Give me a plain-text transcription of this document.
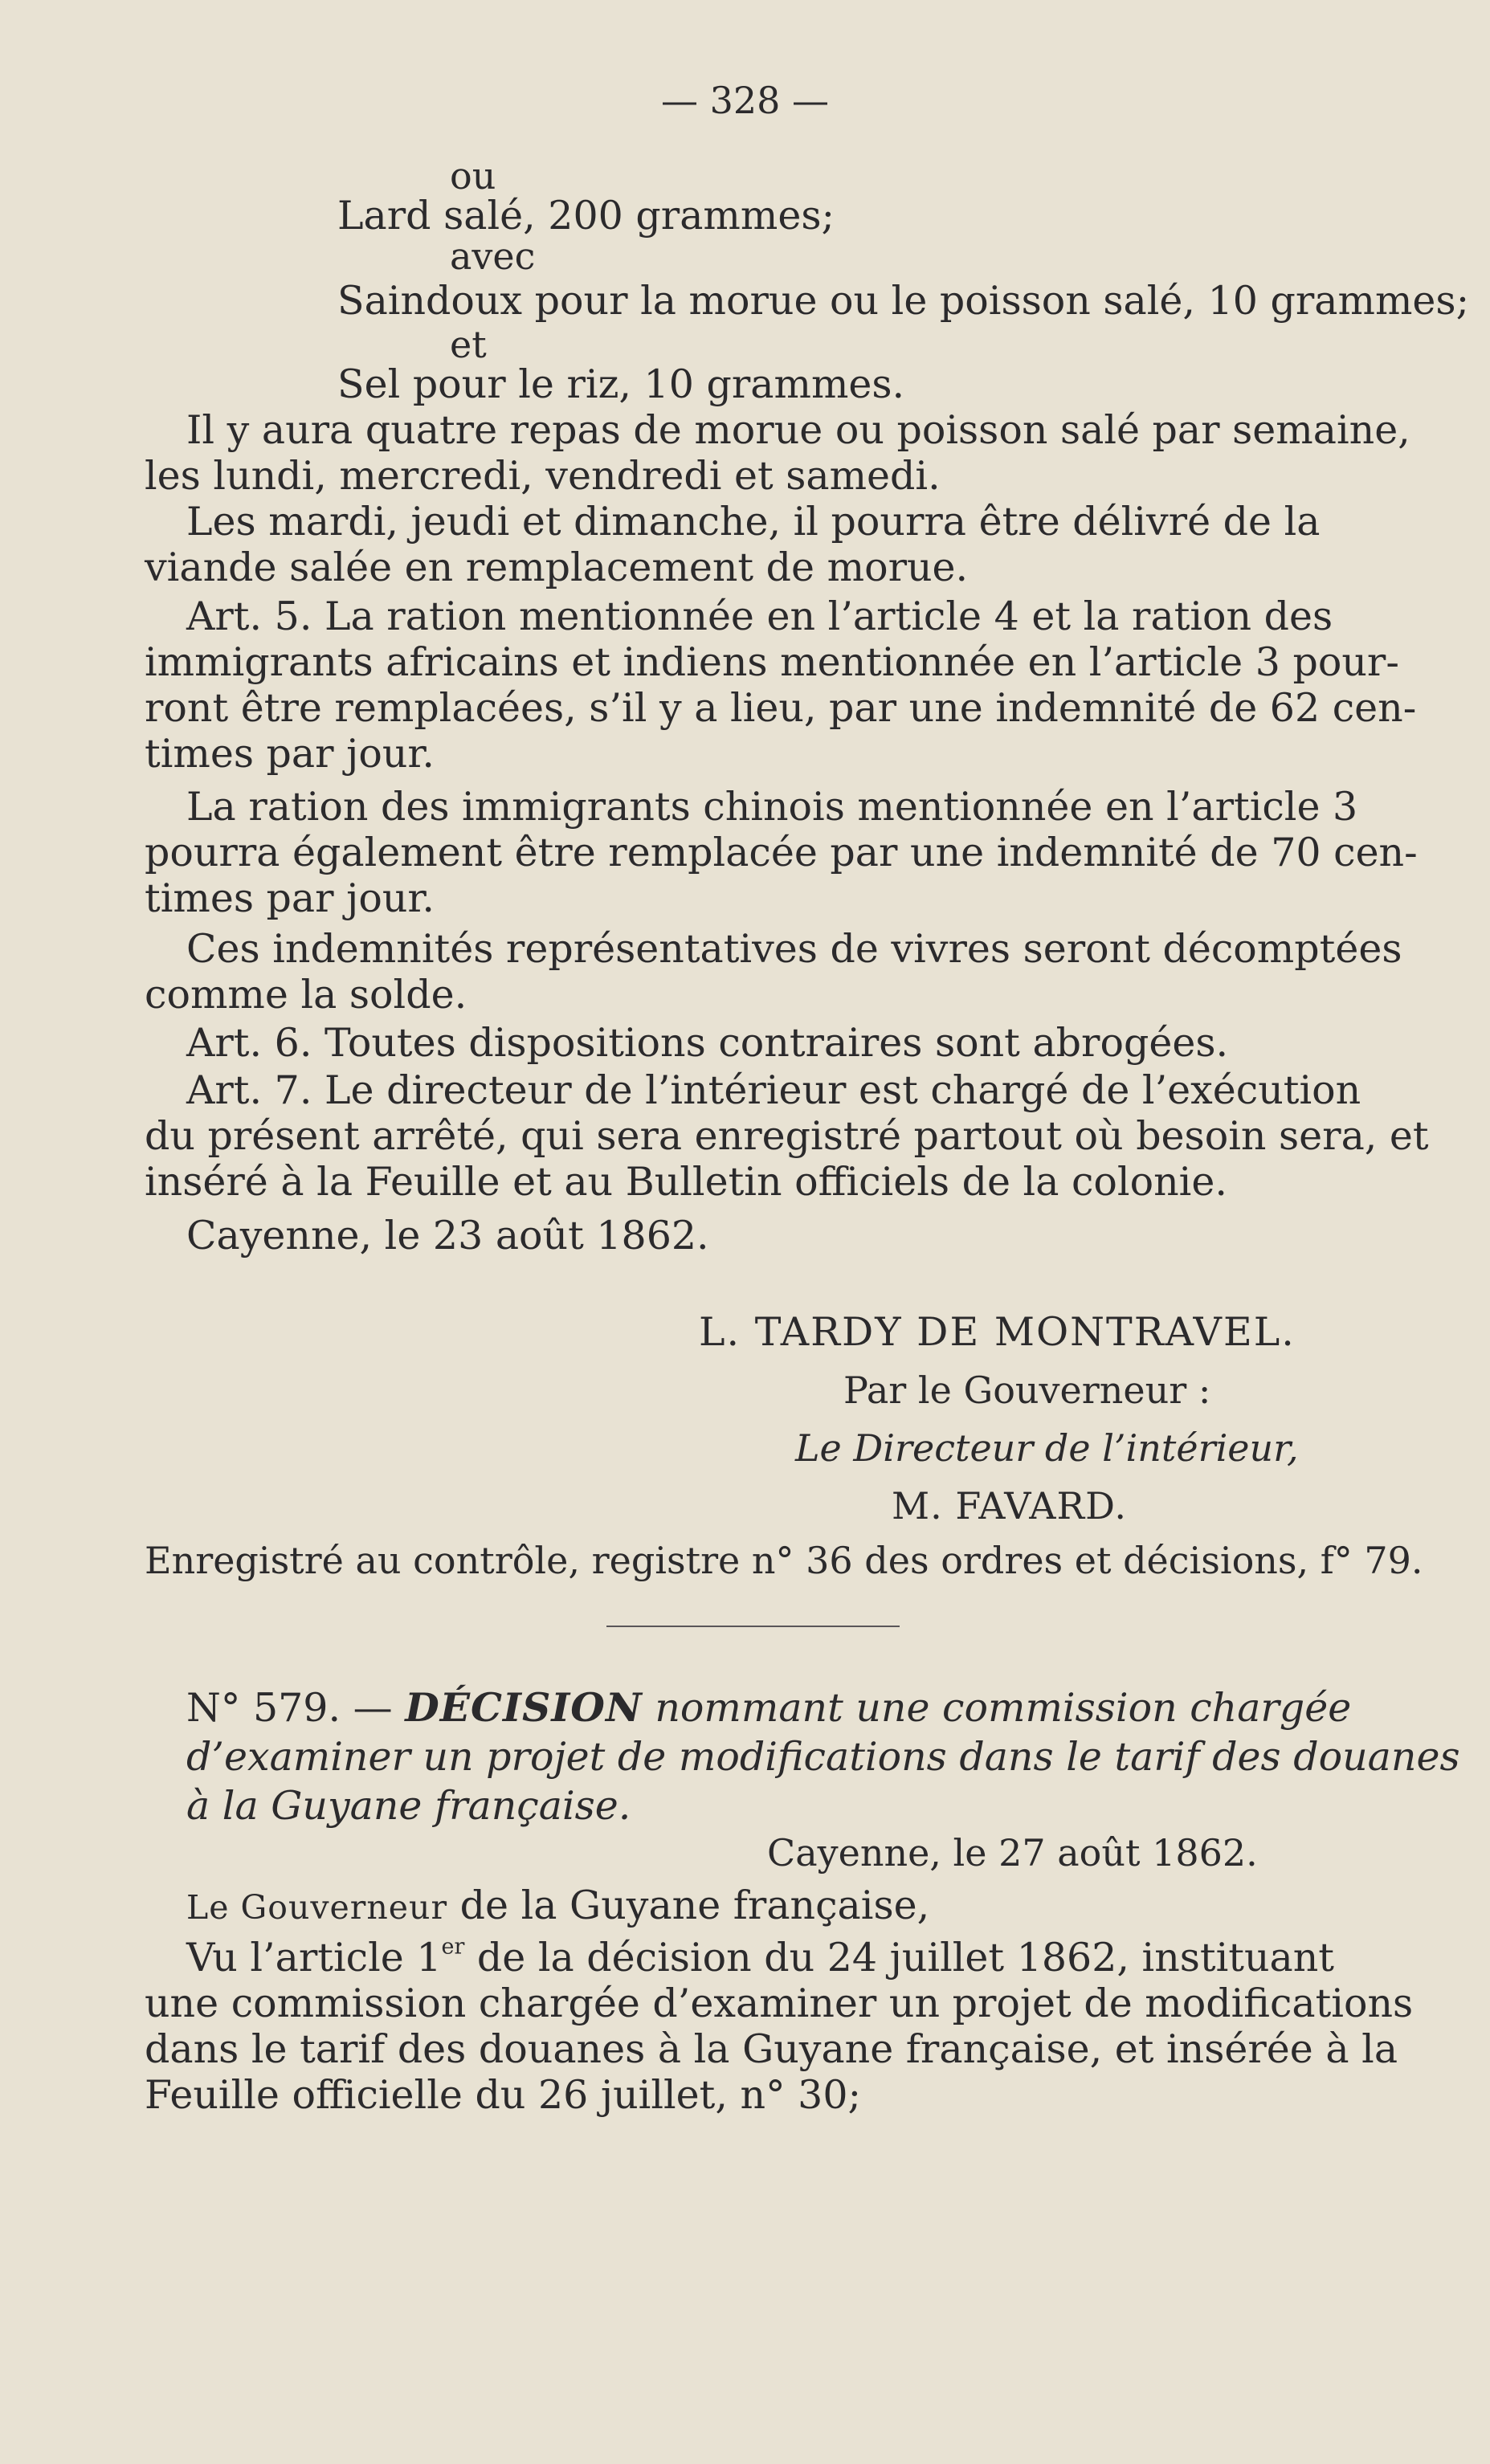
— 328 —
ou
Lard salé, 200 grammes;
avec
Saindoux pour la morue ou le poisson salé, 10 grammes;
et
Sel pour le riz, 10 grammes.
Il y aura quatre repas de morue ou poisson salé par semaine,
les lundi, mercredi, vendredi et samedi.
Les mardi, jeudi et dimanche, il pourra être délivré de la
viande salée en remplacement de morue.
Art. 5. La ration mentionnée en l’article 4 et la ration des
immigrants africains et indiens mentionnée en l’article 3 pour-
ront être remplacées, s’il y a lieu, par une indemnité de 62 cen-
times par jour.
La ration des immigrants chinois mentionnée en l’article 3
pourra également être remplacée par une indemnité de 70 cen-
times par jour.
Ces indemnités représentatives de vivres seront décomptées
comme la solde.
Art. 6. Toutes dispositions contraires sont abrogées.
Art. 7. Le directeur de l’intérieur est chargé de l’exécution
du présent arrêté, qui sera enregistré partout où besoin sera, et
inséré à la Feuille et au Bulletin officiels de la colonie.
Cayenne, le 23 août 1862.
L. TARDY DE MONTRAVEL.
Par le Gouverneur :
Le Directeur de l’intérieur,
M. FAVARD.
Enregistré au contrôle, registre n° 36 des ordres et décisions, f° 79.
N° 579. — DÉCISION nommant une commission chargée
d’examiner un projet de modifications dans le tarif des douanes
à la Guyane française.
Cayenne, le 27 août 1862.
Le Gouverneur de la Guyane française,
Vu l’article 1er de la décision du 24 juillet 1862, instituant
une commission chargée d’examiner un projet de modifications
dans le tarif des douanes à la Guyane française, et insérée à la
Feuille officielle du 26 juillet, n° 30;
